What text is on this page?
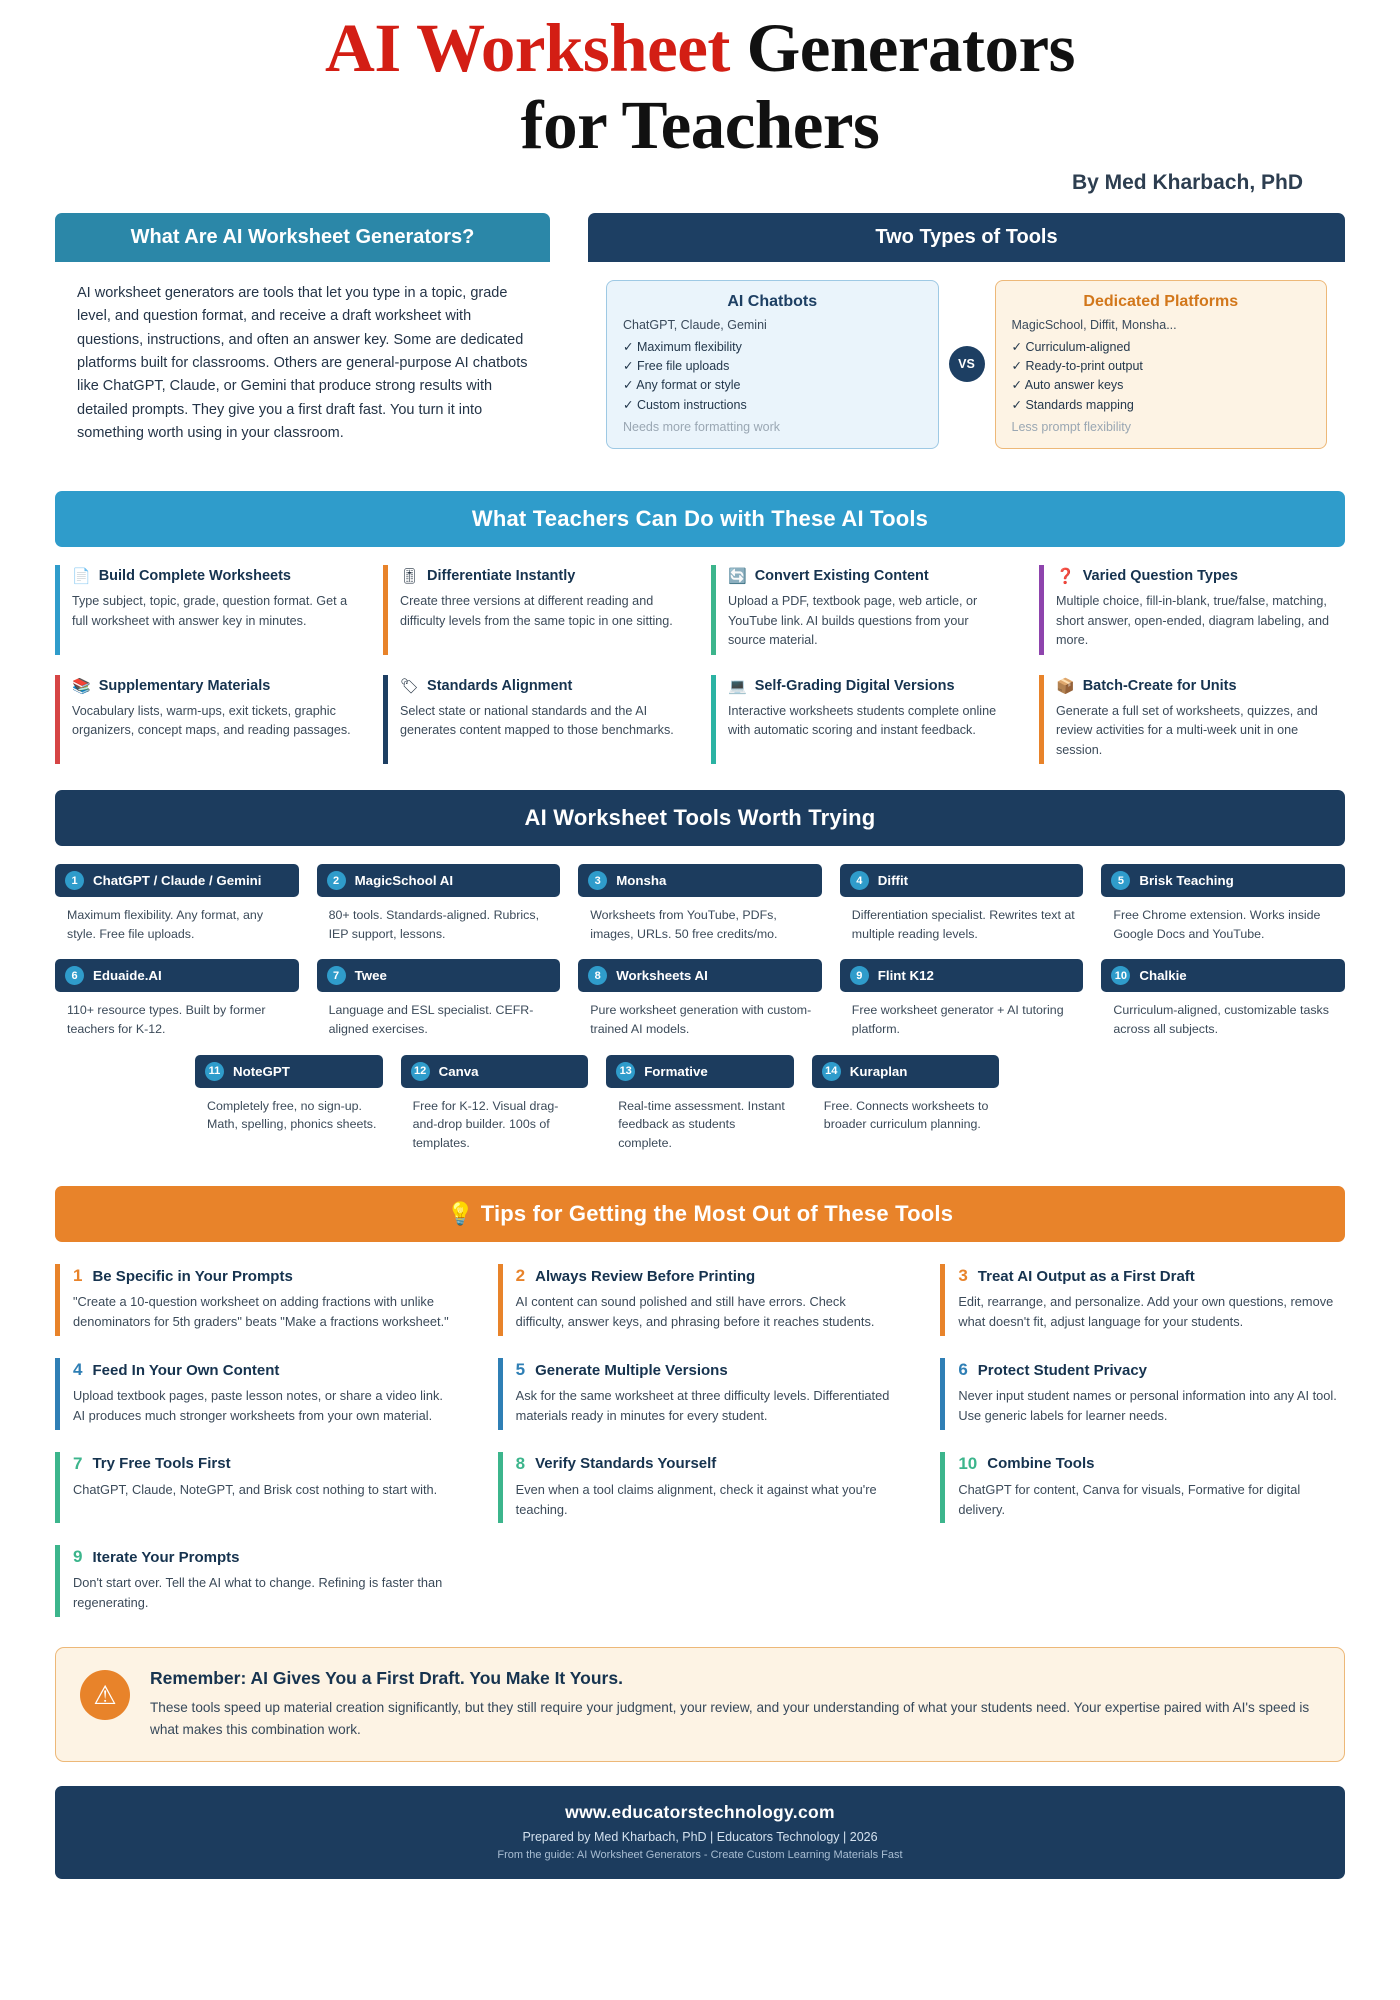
AI Worksheet Generators
for Teachers
By Med Kharbach, PhD
What Are AI Worksheet Generators?
AI worksheet generators are tools that let you type in a topic, grade level, and question format, and receive a draft worksheet with questions, instructions, and often an answer key. Some are dedicated platforms built for classrooms. Others are general-purpose AI chatbots like ChatGPT, Claude, or Gemini that produce strong results with detailed prompts. They give you a first draft fast. You turn it into something worth using in your classroom.
Two Types of Tools
AI Chatbots
ChatGPT, Claude, Gemini
✓ Maximum flexibility
✓ Free file uploads
✓ Any format or style
✓ Custom instructions
Needs more formatting work
VS
Dedicated Platforms
MagicSchool, Diffit, Monsha...
✓ Curriculum-aligned
✓ Ready-to-print output
✓ Auto answer keys
✓ Standards mapping
Less prompt flexibility
What Teachers Can Do with These AI Tools
📄 Build Complete Worksheets
Type subject, topic, grade, question format. Get a full worksheet with answer key in minutes.
🎚 Differentiate Instantly
Create three versions at different reading and difficulty levels from the same topic in one sitting.
🔄 Convert Existing Content
Upload a PDF, textbook page, web article, or YouTube link. AI builds questions from your source material.
❓ Varied Question Types
Multiple choice, fill-in-blank, true/false, matching, short answer, open-ended, diagram labeling, and more.
📚 Supplementary Materials
Vocabulary lists, warm-ups, exit tickets, graphic organizers, concept maps, and reading passages.
🏷 Standards Alignment
Select state or national standards and the AI generates content mapped to those benchmarks.
💻 Self-Grading Digital Versions
Interactive worksheets students complete online with automatic scoring and instant feedback.
📦 Batch-Create for Units
Generate a full set of worksheets, quizzes, and review activities for a multi-week unit in one session.
AI Worksheet Tools Worth Trying
1	ChatGPT / Claude / Gemini
Maximum flexibility. Any format, any style. Free file uploads.
2	MagicSchool AI
80+ tools. Standards-aligned. Rubrics, IEP support, lessons.
3	Monsha
Worksheets from YouTube, PDFs, images, URLs. 50 free credits/mo.
4	Diffit
Differentiation specialist. Rewrites text at multiple reading levels.
5	Brisk Teaching
Free Chrome extension. Works inside Google Docs and YouTube.
6	Eduaide.AI
110+ resource types. Built by former teachers for K-12.
7	Twee
Language and ESL specialist. CEFR-aligned exercises.
8	Worksheets AI
Pure worksheet generation with custom-trained AI models.
9	Flint K12
Free worksheet generator + AI tutoring platform.
10 Chalkie
Curriculum-aligned, customizable tasks across all subjects.
11 NoteGPT
Completely free, no sign-up. Math, spelling, phonics sheets.
12 Canva
Free for K-12. Visual drag-and-drop builder. 100s of templates.
13 Formative
Real-time assessment. Instant feedback as students complete.
14 Kuraplan
Free. Connects worksheets to broader curriculum planning.
💡 Tips for Getting the Most Out of These Tools
1 Be Specific in Your Prompts
"Create a 10-question worksheet on adding fractions with unlike denominators for 5th graders" beats "Make a fractions worksheet."
2 Always Review Before Printing
AI content can sound polished and still have errors. Check difficulty, answer keys, and phrasing before it reaches students.
3 Treat AI Output as a First Draft
Edit, rearrange, and personalize. Add your own questions, remove what doesn't fit, adjust language for your students.
4 Feed In Your Own Content
Upload textbook pages, paste lesson notes, or share a video link. AI produces much stronger worksheets from your own material.
5 Generate Multiple Versions
Ask for the same worksheet at three difficulty levels. Differentiated materials ready in minutes for every student.
6 Protect Student Privacy
Never input student names or personal information into any AI tool. Use generic labels for learner needs.
7 Try Free Tools First
ChatGPT, Claude, NoteGPT, and Brisk cost nothing to start with.
8 Verify Standards Yourself
Even when a tool claims alignment, check it against what you're teaching.
9 Iterate Your Prompts
Don't start over. Tell the AI what to change. Refining is faster than regenerating.
10 Combine Tools
ChatGPT for content, Canva for visuals, Formative for digital delivery.
⚠
Remember: AI Gives You a First Draft. You Make It Yours.
These tools speed up material creation significantly, but they still require your judgment, your review, and your understanding of what your students need. Your expertise paired with AI's speed is what makes this combination work.
www.educatorstechnology.com
Prepared by Med Kharbach, PhD | Educators Technology | 2026
From the guide: AI Worksheet Generators - Create Custom Learning Materials Fast
